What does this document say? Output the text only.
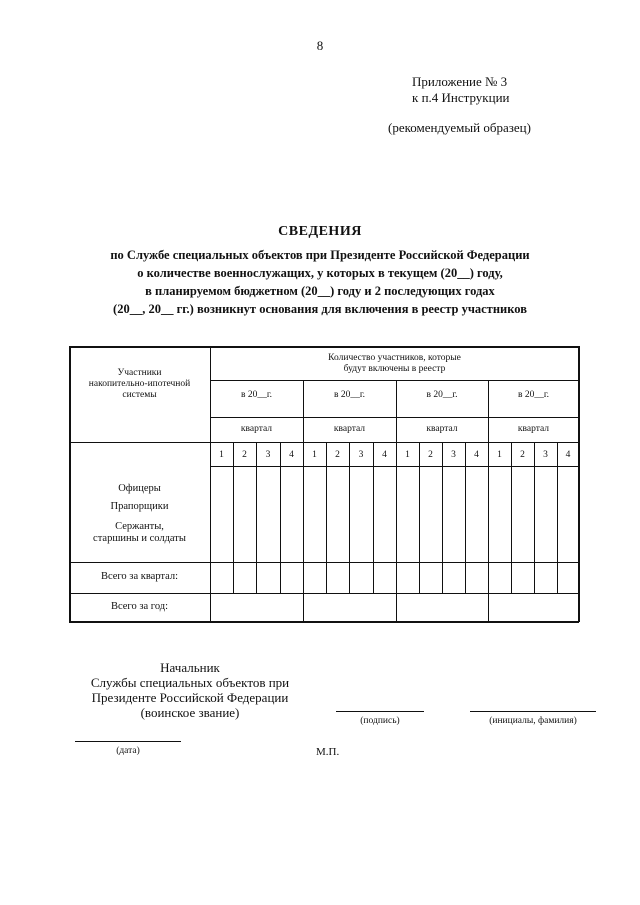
8
Приложение № 3
к п.4 Инструкции
(рекомендуемый образец)
СВЕДЕНИЯ
по Службе специальных объектов при Президенте Российской Федерации
о количестве военнослужащих, у которых в текущем (20__) году,
в планируемом бюджетном (20__) году и 2 последующих годах
(20__, 20__ гг.) возникнут основания для включения в реестр участников
Участники
накопительно-ипотечной
системы
Количество участников, которые
будут включены в реестр
в 20__г.	в 20__г.	в 20__г.	в 20__г.
квартал	квартал	квартал	квартал
1	2	3	4	1	2	3	4	1	2	3	4	1	2	3	4
Офицеры
Прапорщики
Сержанты,
старшины и солдаты
Всего за квартал:
Всего за год:
Начальник
Службы специальных объектов при
Президенте Российской Федерации
(воинское звание)
(подпись)	(инициалы, фамилия)
(дата)	М.П.
